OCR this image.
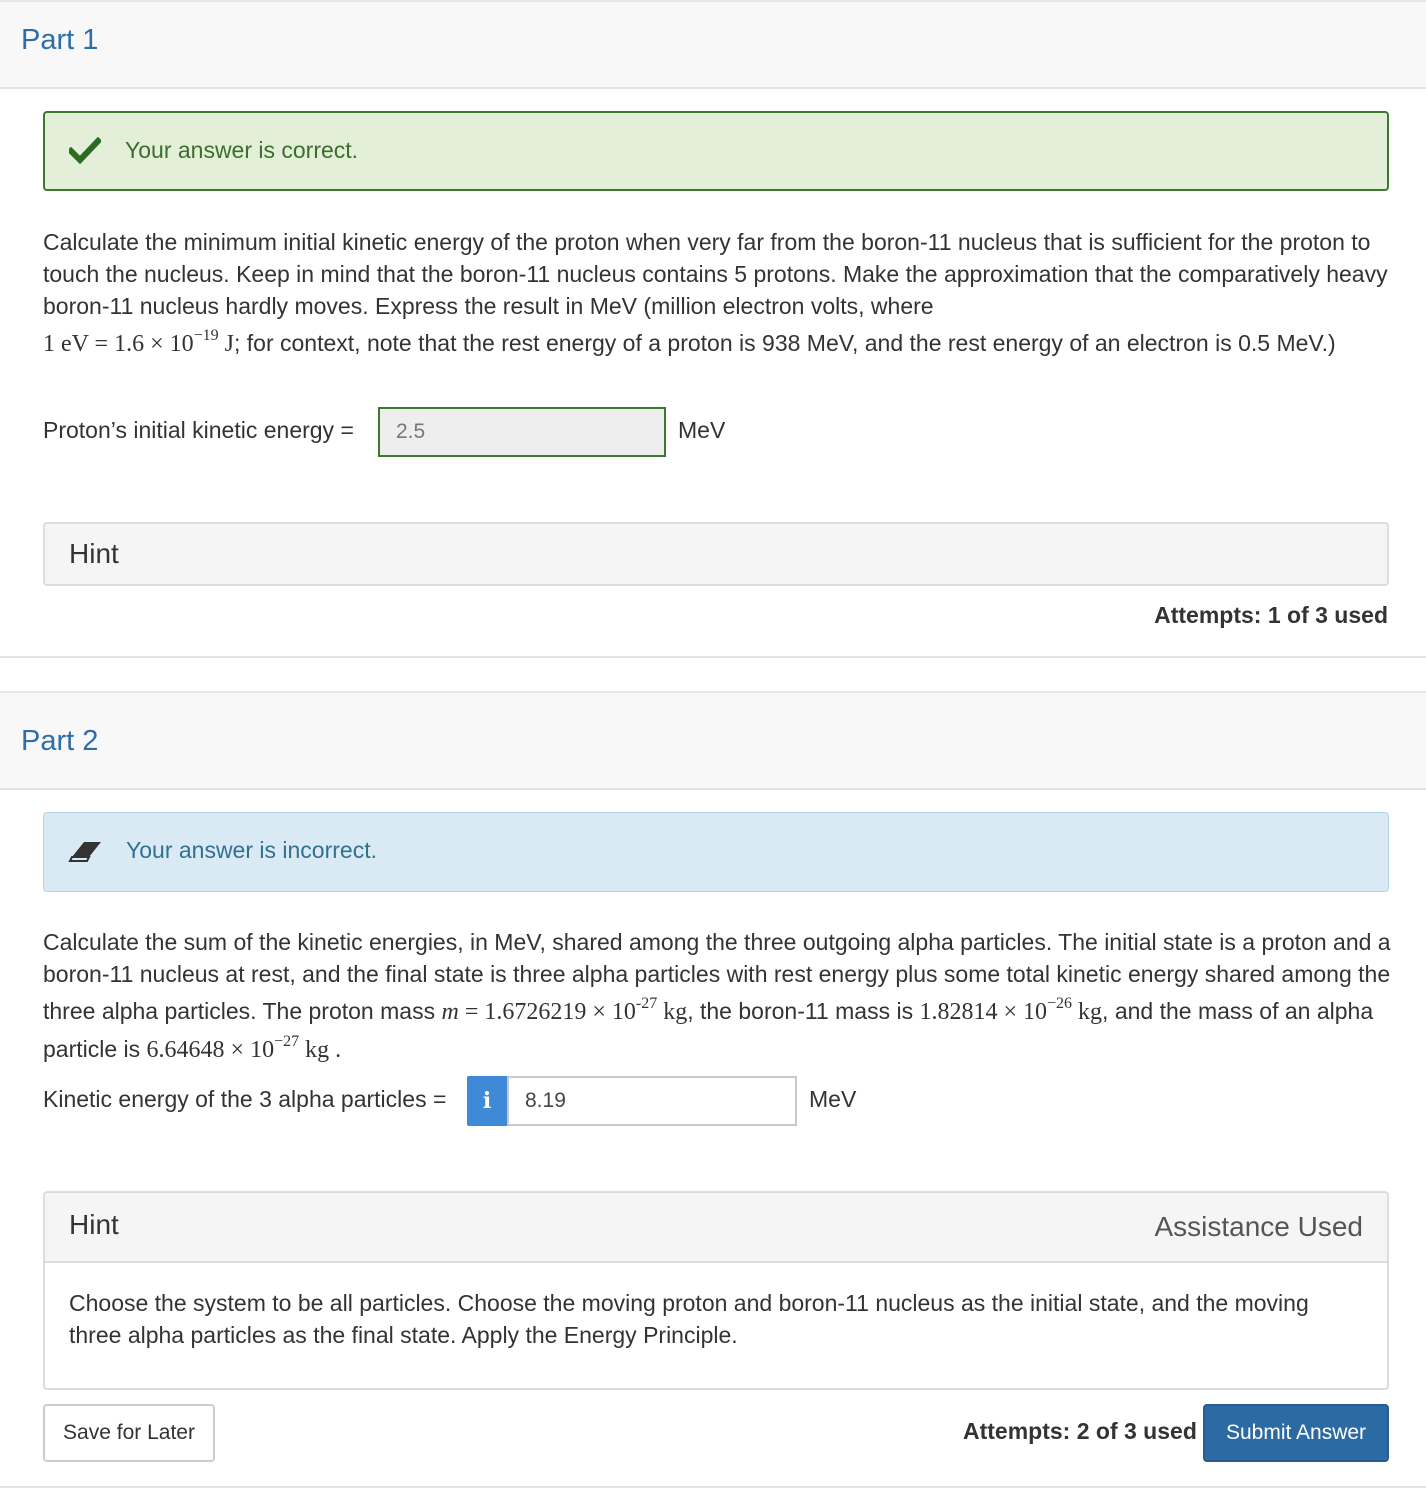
Part 1
Your answer is correct.
Calculate the minimum initial kinetic energy of the proton when very far from the boron-11 nucleus that is sufficient for the proton to touch the nucleus. Keep in mind that the boron-11 nucleus contains 5 protons. Make the approximation that the comparatively heavy boron-11 nucleus hardly moves. Express the result in MeV (million electron volts, where
1 eV = $1.6 \times 10^{-19}$ J; for context, note that the rest energy of a proton is 938 MeV, and the rest energy of an electron is 0.5 MeV.)
Proton’s initial kinetic energy =	2.5	MeV
Hint
Attempts: 1 of 3 used
Part 2
Your answer is incorrect.
Calculate the sum of the kinetic energies, in MeV, shared among the three outgoing alpha particles. The initial state is a proton and a boron-11 nucleus at rest, and the final state is three alpha particles with rest energy plus some total kinetic energy shared among the three alpha particles. The proton mass $m = 1.6726219 \times 10^{-27}$ kg, the boron-11 mass is $1.82814 \times 10^{-26}$ kg, and the mass of an alpha particle is $6.64648 \times 10^{-27}$ kg .
Kinetic energy of the 3 alpha particles =	i	8.19	MeV
Hint	Assistance Used
Choose the system to be all particles. Choose the moving proton and boron-11 nucleus as the initial state, and the moving three alpha particles as the final state. Apply the Energy Principle.
Save for Later	Attempts: 2 of 3 used	Submit Answer
